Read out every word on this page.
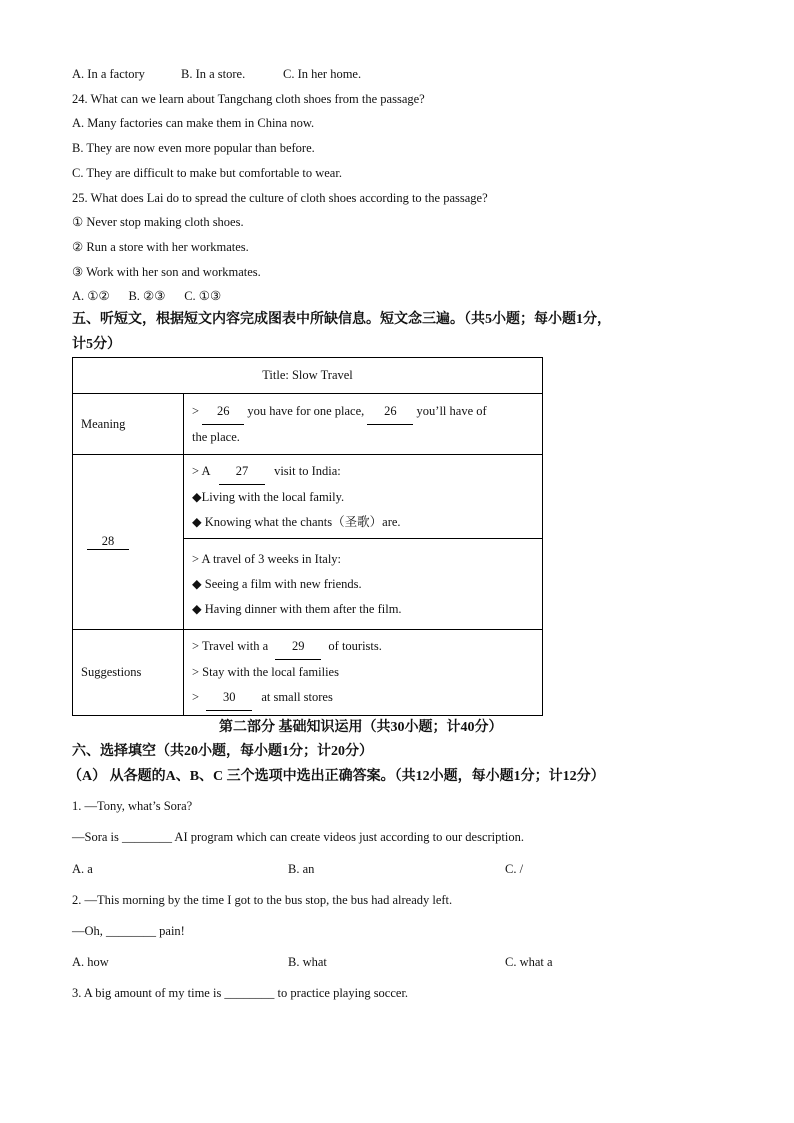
A. In a factory	B. In a store.	C. In her home.
24. What can we learn about Tangchang cloth shoes from the passage?
A. Many factories can make them in China now.
B. They are now even more popular than before.
C. They are difficult to make but comfortable to wear.
25. What does Lai do to spread the culture of cloth shoes according to the passage?
① Never stop making cloth shoes.
② Run a store with her workmates.
③ Work with her son and workmates.
A. ①②      B. ②③      C. ①③
五、听短文，根据短文内容完成图表中所缺信息。短文念三遍。（共5小题；每小题1分，
计5分）
Title: Slow Travel	
Meaning	> 26 you have for one place, 26 you’ll have of
the place.

28	> A 27 visit to India:
◆Living with the local family.
◆ Knowing what the chants（圣歌）are.

	> A travel of 3 weeks in Italy:
◆ Seeing a film with new friends.
◆ Having dinner with them after the film.

Suggestions	> Travel with a 29 of tourists.
> Stay with the local families
> 30 at small stores
第二部分 基础知识运用（共30小题；计40分）
六、选择填空（共20小题，每小题1分；计20分）
（A） 从各题的A、B、C 三个选项中选出正确答案。（共12小题，每小题1分；计12分）
1. —Tony, what’s Sora?
—Sora is ________ AI program which can create videos just according to our description.
A. a	B. an	C. /
2. —This morning by the time I got to the bus stop, the bus had already left.
—Oh, ________ pain!
A. how	B. what	C. what a
3. A big amount of my time is ________ to practice playing soccer.
